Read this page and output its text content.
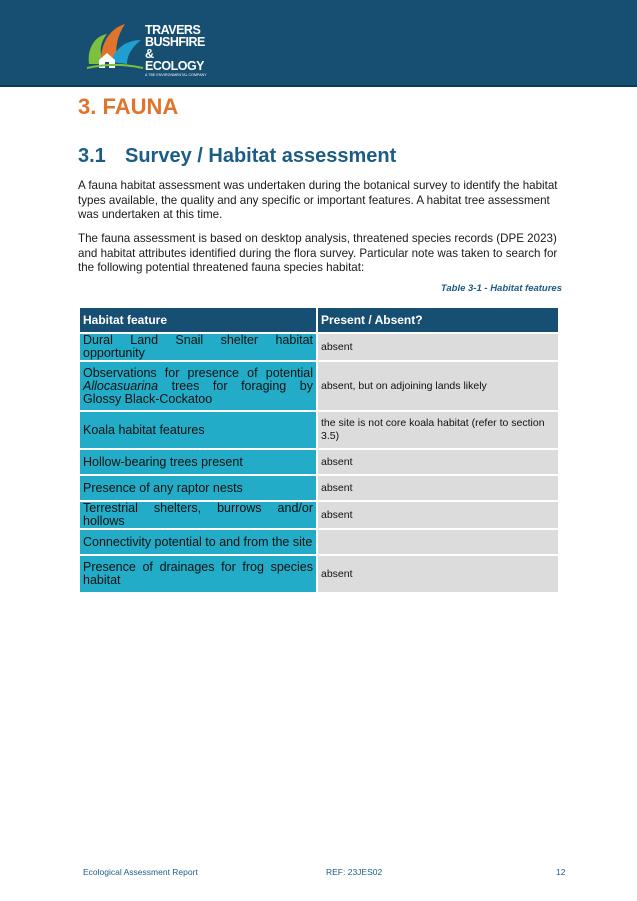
TRAVERS
BUSHFIRE
& ECOLOGY
A TBE ENVIRONMENTAL COMPANY
3. FAUNA
3.1 Survey / Habitat assessment

A fauna habitat assessment was undertaken during the botanical survey to identify the habitat types available, the quality and any specific or important features. A habitat tree assessment was undertaken at this time.

The fauna assessment is based on desktop analysis, threatened species records (DPE 2023) and habitat attributes identified during the flora survey. Particular note was taken to search for the following potential threatened fauna species habitat:

Table 3-1 - Habitat features
Habitat feature	Present / Absent?
Dural Land Snail shelter habitat opportunity	absent
Observations for presence of potential Allocasuarina trees for foraging by Glossy Black-Cockatoo	absent, but on adjoining lands likely
Koala habitat features	the site is not core koala habitat (refer to section 3.5)
Hollow-bearing trees present	absent
Presence of any raptor nests	absent
Terrestrial shelters, burrows and/or hollows	absent
Connectivity potential to and from the site	
Presence of drainages for frog species habitat	absent
Ecological Assessment Report	REF: 23JES02	12
